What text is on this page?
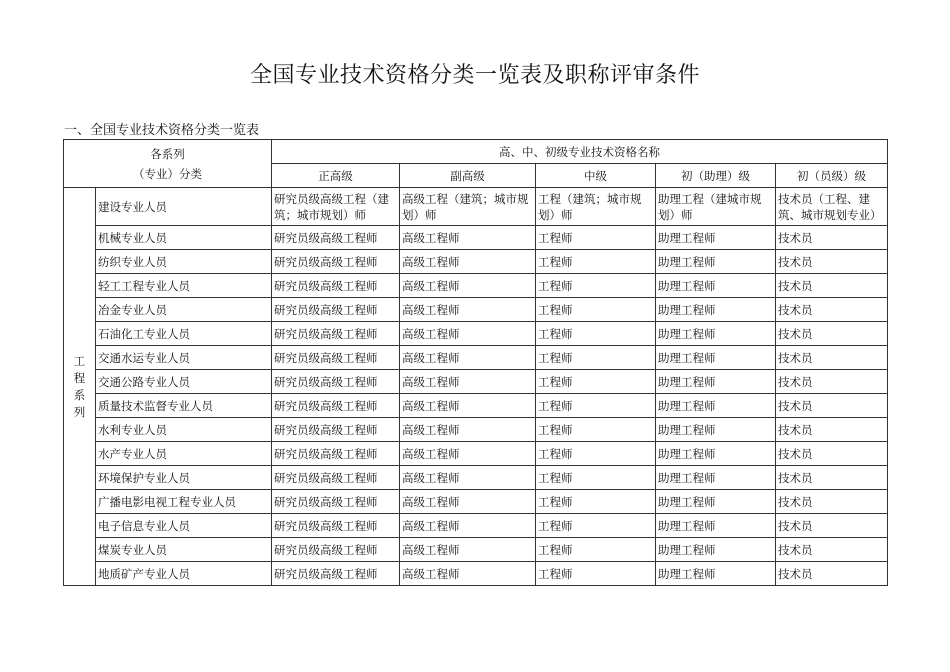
全国专业技术资格分类一览表及职称评审条件
一、全国专业技术资格分类一览表
各系列
（专业）分类		高、中、初级专业技术资格名称				
		正高级	副高级	中级	初（助理）级	初（员级）级

工
程
系
列	建设专业人员	研究员级高级工程（建筑；城市规划）师	高级工程（建筑；城市规划）师	工程（建筑；城市规划）师	助理工程（建城市规划）师	技术员（工程、建筑、城市规划专业）
	机械专业人员	研究员级高级工程师	高级工程师	工程师	助理工程师	技术员
	纺织专业人员	研究员级高级工程师	高级工程师	工程师	助理工程师	技术员
	轻工工程专业人员	研究员级高级工程师	高级工程师	工程师	助理工程师	技术员
	冶金专业人员	研究员级高级工程师	高级工程师	工程师	助理工程师	技术员
	石油化工专业人员	研究员级高级工程师	高级工程师	工程师	助理工程师	技术员
	交通水运专业人员	研究员级高级工程师	高级工程师	工程师	助理工程师	技术员
	交通公路专业人员	研究员级高级工程师	高级工程师	工程师	助理工程师	技术员
	质量技术监督专业人员	研究员级高级工程师	高级工程师	工程师	助理工程师	技术员
	水利专业人员	研究员级高级工程师	高级工程师	工程师	助理工程师	技术员
	水产专业人员	研究员级高级工程师	高级工程师	工程师	助理工程师	技术员
	环境保护专业人员	研究员级高级工程师	高级工程师	工程师	助理工程师	技术员
	广播电影电视工程专业人员	研究员级高级工程师	高级工程师	工程师	助理工程师	技术员
	电子信息专业人员	研究员级高级工程师	高级工程师	工程师	助理工程师	技术员
	煤炭专业人员	研究员级高级工程师	高级工程师	工程师	助理工程师	技术员
	地质矿产专业人员	研究员级高级工程师	高级工程师	工程师	助理工程师	技术员
